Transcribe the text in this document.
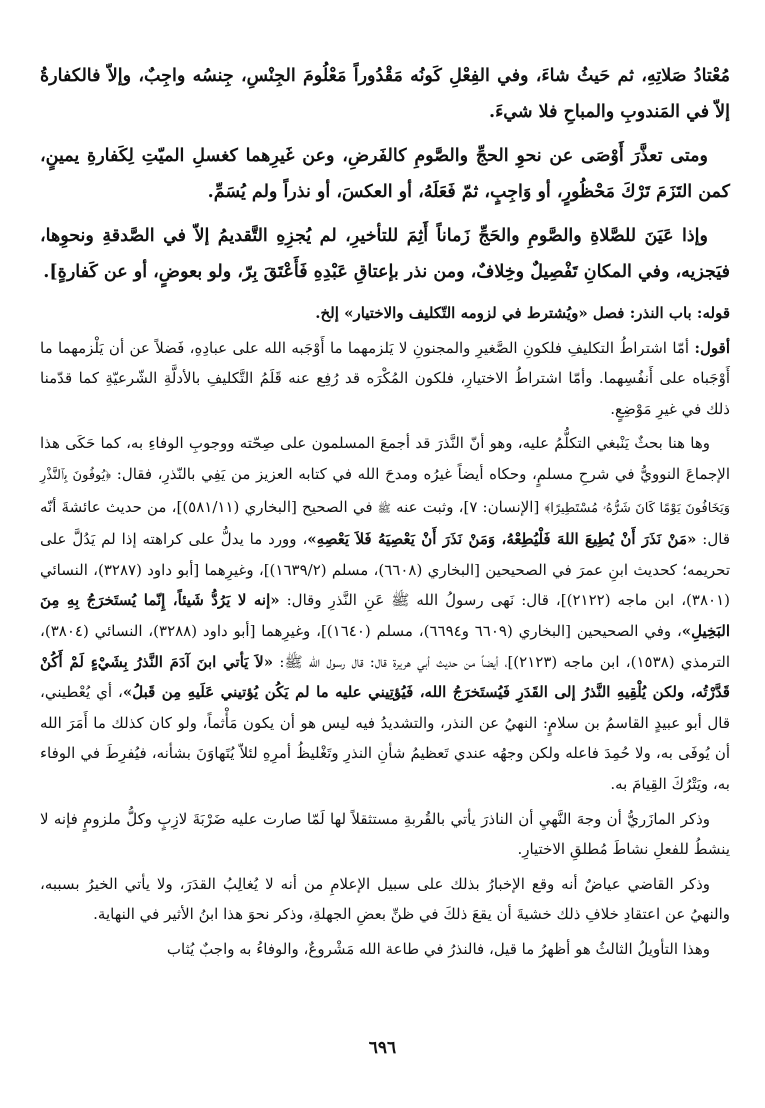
مُعْتادُ صَلاتِهِ، ثم حَيثُ شاءَ، وفي الفِعْلِ كَونُه مَقْدُوراً مَعْلُومَ الجِنْسِ، جِنسُه واجِبٌ، وإلاّ فالكفارةُ إلاّ في المَندوبِ والمباحِ فلا شيءَ.

ومتى تعذَّرَ أَوْصَى عن نحوِ الحجِّ والصَّومِ كالفَرضِ، وعن غَيرِهما كغسلِ الميّتِ لِكَفارةِ يمينٍ، كمن التَزَمَ تَرْكَ مَحْظُورٍ، أو وَاجِبٍ، ثمّ فَعَلَهُ، أو العكسَ، أو نذراً ولم يُسَمِّ.

وإذا عَيَنَ للصَّلاةِ والصَّومِ والحَجِّ زَماناً أَثِمَ للتأخيرِ، لم يُجزِهِ التَّقديمُ إلاّ في الصَّدقةِ ونحوِها، فيَجزيه، وفي المكانِ تَفْصِيلٌ وخِلافٌ، ومن نذر بإعتاقِ عَبْدِهِ فَأَعْتَقَ بِرّ، ولو بعوضٍ، أو عن كَفارةٍ].

قوله: باب النذر: فصل «ويُشترط في لزومه التّكليف والاختيار» إلخ.

أقول: أمّا اشتراطُ التكليفِ فلكونِ الصَّغيرِ والمجنونِ لا يَلزمهما ما أَوْجَبه الله على عبادِهِ، فَضلاً عن أن يَلْزمهما ما أَوْجَباه على أَنفُسِهما. وأمّا اشتراطُ الاختيارِ، فلكون المُكْرَه قد رُفِع عنه قَلَمُ التَّكليفِ بالأدلَّةِ الشّرعيّةِ كما قدّمنا ذلك في غيرِ مَوْضِعٍ.

وها هنا بحثٌ يَنْبغي التكلُّمُ عليه، وهو أنّ النَّذرَ قد أجمعَ المسلمون على صِحّته ووجوبِ الوفاءِ به، كما حَكَى هذا الإجماعَ النوويُّ في شرحِ مسلمٍ، وحكاه أيضاً غيرُه ومدحَ الله في كتابه العزيز من يَفِي بالنّذرِ، فقال: ﴿يُوفُونَ بِٱلنَّذْرِ وَيَخَافُونَ يَوْمًا كَانَ شَرُّهُۥ مُسْتَطِيرًا﴾ [الإنسان: ٧]، وثبت عنه ﷺ في الصحيح [البخاري (٥٨١/١١)]، من حديث عائشةَ أنّه قال: «مَنْ نَذَرَ أَنْ يُطِيعَ اللهَ فَلْيُطِعْهُ، وَمَنْ نَذَرَ أَنْ يَعْصِيَهُ فَلاَ يَعْصِهِ»، وورد ما يدلُّ على كراهته إذا لم يَدُلَّ على تحريمه؛ كحديث ابنِ عمرَ في الصحيحين [البخاري (٦٦٠٨)، مسلم (١٦٣٩/٢)]، وغيرِهما [أبو داود (٣٢٨٧)، النسائي (٣٨٠١)، ابن ماجه (٢١٢٢)]، قال: نَهى رسولُ الله ﷺ عَنِ النَّذرِ وقال: «إنه لا يَرُدُّ شَيئاً، إِنّما يُستَخرَجُ بِهِ مِنَ البَخِيلِ»، وفي الصحيحين [البخاري (٦٦٠٩ و٦٦٩٤)، مسلم (١٦٤٠)]، وغيرِهما [أبو داود (٣٢٨٨)، النسائي (٣٨٠٤)، الترمذي (١٥٣٨)، ابن ماجه (٢١٢٣)]، أيضاً من حديث أبي هريرة قال: قال رسول الله ﷺ: «لاَ يَأتي ابنَ آدَمَ النَّذرُ بِشَيْءٍ لَمْ أَكُنْ قَدَّرْتُه، ولكن يُلْقِيهِ النَّذرُ إلى القَدَرِ فَيُستَخرَجُ الله، فَيُؤتِيني عليه ما لم يَكُن يُؤتيني عَلَيهِ مِن قَبلُ»، أي يُعْطيني، قال أبو عبيدٍ القاسمُ بن سلامٍ: النهيُ عن النذر، والتشديدُ فيه ليس هو أن يكون مَأْثماً، ولو كان كذلك ما أَمَرَ الله أن يُوفَى به، ولا حُمِدَ فاعله ولكن وجهُه عندي تَعظيمُ شأنِ النذرِ وتَغْليظُ أمرِهِ لئلاّ يُتَهاوَنَ بشأنه، فيُفرِطَ في الوفاء به، ويَتْرُكَ القِيامَ به.

وذكر المازَريُّ أن وجهَ النَّهيِ أن الناذرَ يأتي بالقُربةِ مستثقلاً لها لَمّا صارت عليه ضَرْبَةَ لازِبٍ وكلُّ ملزومٍ فإنه لا ينشطُ للفعلِ نشاطَ مُطلقِ الاختيارِ.

وذكر القاضي عياضٌ أنه وقع الإخبارُ بذلك على سبيل الإعلامِ من أنه لا يُغالِبُ القدَرَ، ولا يأتي الخيرُ بسببه، والنهيُ عن اعتقادِ خلافِ ذلك خشيةَ أن يقعَ ذلكَ في ظنِّ بعضِ الجهلةِ، وذكر نحوَ هذا ابنُ الأثير في النهاية.

وهذا التأويلُ الثالثُ هو أظهرُ ما قيل، فالنذرُ في طاعة الله مَشْروعٌ، والوفاءُ به واجبٌ يُثاب

٦٩٦
